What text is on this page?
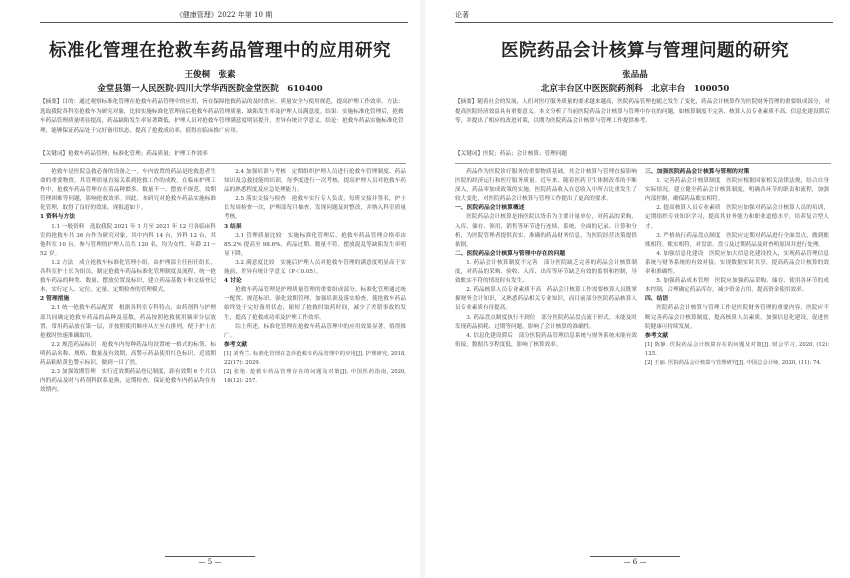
《健康管理》2022 年第 10 期
标准化管理在抢救车药品管理中的应用研究
王俊桐　张素
金堂县第一人民医院·四川大学华西医院金堂医院　610400
【摘要】目的：通过观察标准化管理在抢救车药品管理中的应用，旨在保障抢救药品的及时供应、质量安全与使用规范，提高护理工作效率。方法：选取我院各科室抢救车为研究对象，比较实施标准化管理前后抢救车药品管理质量、缺陷发生率及护理人员满意度。结果：实施标准化管理后，抢救车药品管理质量明显提高，药品缺陷发生率显著降低，护理人员对抢救车管理满意度明显提升，差异有统计学意义。结论：抢救车药品实施标准化管理，能够保证药品处于完好备用状态，提高了抢救成功率，值得在临床推广应用。
【关键词】抢救车药品管理；标准化管理；药品质量；护理工作效率

抢救车是医院急救必备的设备之一，车内放置的药品是抢救患者生命的重要物资，其管理质量直接关系到抢救工作的成败。在临床护理工作中，抢救车药品管理存在着品种繁多、数量不一、摆放不规范、效期管理困难等问题，影响抢救效率。因此，本研究对抢救车药品实施标准化管理，取得了良好的效果，现报道如下。

1 资料与方法

1.1 一般资料　选取我院 2021 年 1 月至 2021 年 12 月各临床科室的抢救车共 36 台作为研究对象，其中内科 14 台，外科 12 台，其他科室 10 台。参与管理的护理人员共 120 名，均为女性，年龄 21～52 岁。

1.2 方法　成立抢救车标准化管理小组，由护理部主任担任组长，各科室护士长为组员，制定抢救车药品标准化管理制度及流程，统一抢救车药品的种类、数量、摆放位置及标识，建立药品基数卡和交接登记本，实行定人、定位、定量、定期检查的管理模式。

2 管理措施

2.1 统一抢救车药品配置　根据各科室专科特点，由药剂科与护理部共同确定抢救车药品的品种及基数，药品按照抢救使用频率分层放置，常用药品放在第一层，并按照使用顺序从左至右排列，便于护士在抢救时快速准确取用。

2.2 规范药品标识　抢救车内每种药品均设置统一格式的标签，标明药品名称、规格、数量及有效期，高警示药品使用红色标识，近效期药品粘贴黄色警示标识，做到一目了然。

2.3 加强效期管理　实行近效期药品登记制度，距有效期 6 个月以内的药品及时与药剂科联系更换，定期检查，保证抢救车内药品均在有效期内。

2.4 加强培训与考核　定期组织护理人员进行抢救车管理制度、药品知识及急救技能的培训，每季度进行一次考核，提高护理人员对抢救车药品的熟悉程度及应急处理能力。

2.5 落实交接与检查　抢救车实行专人负责，每班交接并签名，护士长每周检查一次，护理部每月抽查，发现问题及时整改，并纳入科室质量考核。

3 结果

3.1 管理质量比较　实施标准化管理后，抢救车药品管理合格率由 85.2% 提高至 98.6%，药品过期、数量不符、摆放混乱等缺陷发生率明显下降。

3.2 满意度比较　实施后护理人员对抢救车管理的满意度明显高于实施前，差异有统计学意义（P＜0.05）。

4 讨论

抢救车药品管理是护理质量管理的重要组成部分。标准化管理通过统一配置、规范标识、强化效期管理、加强培训及落实检查，使抢救车药品始终处于完好备用状态，缩短了抢救时取药时间，减少了差错事故的发生，提高了抢救成功率及护理工作效率。

综上所述，标准化管理在抢救车药品管理中的应用效果显著，值得推广。

参考文献

[1] 刘秀兰. 标准化管理在急诊抢救车药品管理中的应用[J]. 护理研究, 2018, 22(17): 2029.

[2] 张艳. 抢救车药品管理存在的问题及对策[J]. 中国医药指南, 2020, 18(12): 257.

— 5 —
论著
医院药品会计核算与管理问题的研究
张品晶
北京丰台区中医医院药剂科　北京丰台　100050
【摘要】随着社会的发展，人们对医疗服务质量的要求越来越高，医院药品管理也随之发生了变化，药品会计核算作为医院财务管理的重要组成部分，对提高医院经济效益具有重要意义。本文分析了当前医院药品会计核算与管理中存在的问题，如核算制度不完善、核算人员专业素质不高、信息化建设滞后等，并提出了相应的改进对策，以期为医院药品会计核算与管理工作提供参考。
【关键词】医院；药品；会计核算；管理问题

药品作为医院诊疗服务的重要物质基础，其会计核算与管理直接影响医院的经济运行和医疗服务质量。近年来，随着医药卫生体制改革的不断深入，药品零加成政策的实施，医院药品收入在总收入中所占比重发生了较大变化，对医院药品会计核算与管理工作提出了更高的要求。

一、医院药品会计核算概述

医院药品会计核算是指医院以货币为主要计量单位，对药品的采购、入库、储存、领用、销售等环节进行连续、系统、全面的记录、计算和分析，为医院管理者提供真实、准确的药品财务信息，为医院经营决策提供依据。

二、医院药品会计核算与管理中存在的问题

1. 药品会计核算制度不完善　部分医院缺乏完善的药品会计核算制度，对药品的采购、验收、入库、出库等环节缺乏有效的监督和控制，导致账实不符的情况时有发生。

2. 药品核算人员专业素质不高　药品会计核算工作需要核算人员既掌握财务会计知识，又熟悉药品相关专业知识，而目前部分医院药品核算人员专业素质有待提高。

3. 药品盘点制度执行不到位　部分医院药品盘点流于形式，未能及时发现药品损耗、过期等问题，影响了会计核算的准确性。

4. 信息化建设滞后　部分医院药品管理信息系统与财务系统未能有效衔接，数据共享程度低，影响了核算效率。

三、加强医院药品会计核算与管理的对策

1. 完善药品会计核算制度　医院应根据国家相关法律法规，结合自身实际情况，建立健全药品会计核算制度，明确各环节的职责和流程，加强内部控制，确保药品账实相符。

2. 提高核算人员专业素质　医院应加强对药品会计核算人员的培训，定期组织专业知识学习，提高其业务能力和职业道德水平，培养复合型人才。

3. 严格执行药品盘点制度　医院应定期对药品进行全面盘点，做到账账相符、账实相符，对盘盈、盘亏及过期药品及时查明原因并进行处理。

4. 加强信息化建设　医院应加大信息化建设投入，实现药品管理信息系统与财务系统的有效对接，实现数据实时共享，提高药品会计核算的效率和准确性。

5. 加强药品成本管理　医院应加强药品采购、储存、使用各环节的成本控制，合理确定药品库存，减少资金占用，提高资金使用效率。

四、结语

医院药品会计核算与管理工作是医院财务管理的重要内容，医院应不断完善药品会计核算制度，提高核算人员素质，加强信息化建设，促进医院健康可持续发展。

参考文献

[1] 陈静. 医院药品会计核算存在的问题及对策[J]. 财会学习, 2020, (12): 125.

[2] 王丽. 医院药品会计核算与管理研究[J]. 中国总会计师, 2020, (11): 74.

— 6 —
